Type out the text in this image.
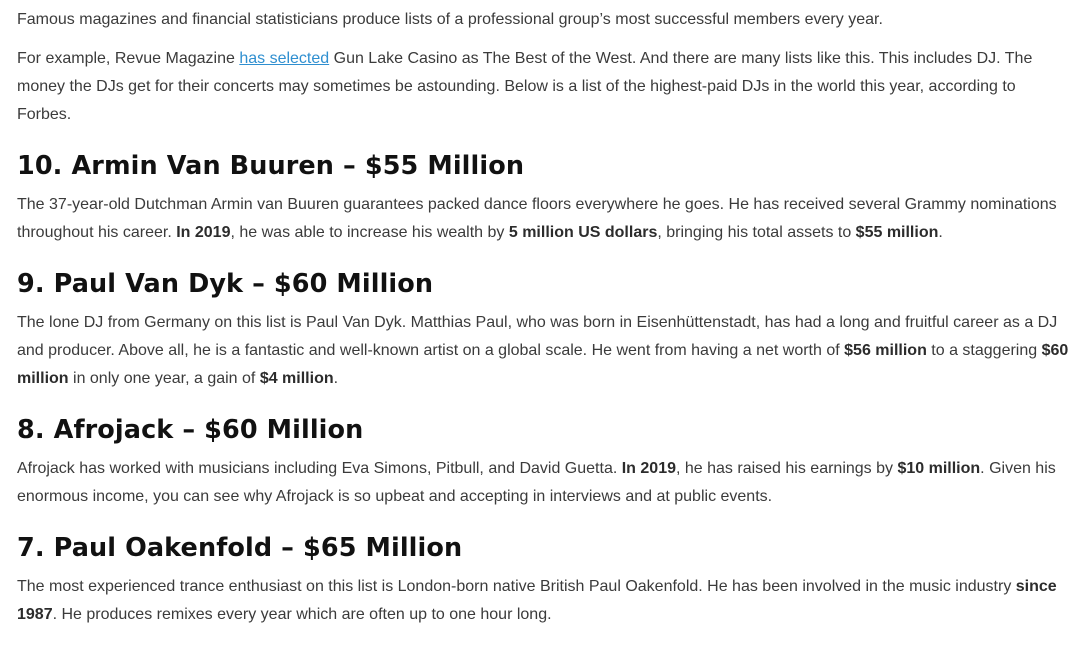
Famous magazines and financial statisticians produce lists of a professional group’s most successful members every year.

For example, Revue Magazine has selected Gun Lake Casino as The Best of the West. And there are many lists like this. This includes DJ. The money the DJs get for their concerts may sometimes be astounding. Below is a list of the highest-paid DJs in the world this year, according to Forbes.

10. Armin Van Buuren – $55 Million

The 37-year-old Dutchman Armin van Buuren guarantees packed dance floors everywhere he goes. He has received several Grammy nominations throughout his career. In 2019, he was able to increase his wealth by 5 million US dollars, bringing his total assets to $55 million.

9. Paul Van Dyk – $60 Million

The lone DJ from Germany on this list is Paul Van Dyk. Matthias Paul, who was born in Eisenhüttenstadt, has had a long and fruitful career as a DJ and producer. Above all, he is a fantastic and well-known artist on a global scale. He went from having a net worth of $56 million to a staggering $60 million in only one year, a gain of $4 million.

8. Afrojack – $60 Million

Afrojack has worked with musicians including Eva Simons, Pitbull, and David Guetta. In 2019, he has raised his earnings by $10 million. Given his enormous income, you can see why Afrojack is so upbeat and accepting in interviews and at public events.

7. Paul Oakenfold – $65 Million

The most experienced trance enthusiast on this list is London-born native British Paul Oakenfold. He has been involved in the music industry since 1987. He produces remixes every year which are often up to one hour long.
